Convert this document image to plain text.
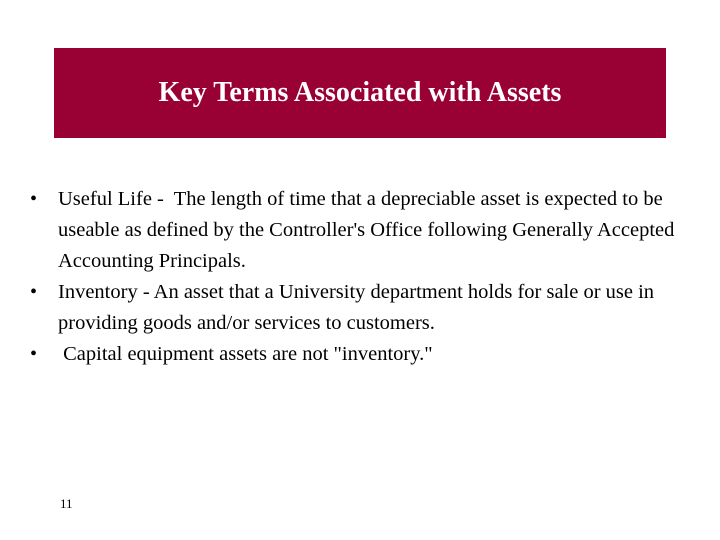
Key Terms Associated with Assets
•	Useful Life -  The length of time that a depreciable asset is expected to be useable as defined by the Controller's Office following Generally Accepted Accounting Principals.
•	Inventory - An asset that a University department holds for sale or use in providing goods and/or services to customers.
•	Capital equipment assets are not "inventory."
11
